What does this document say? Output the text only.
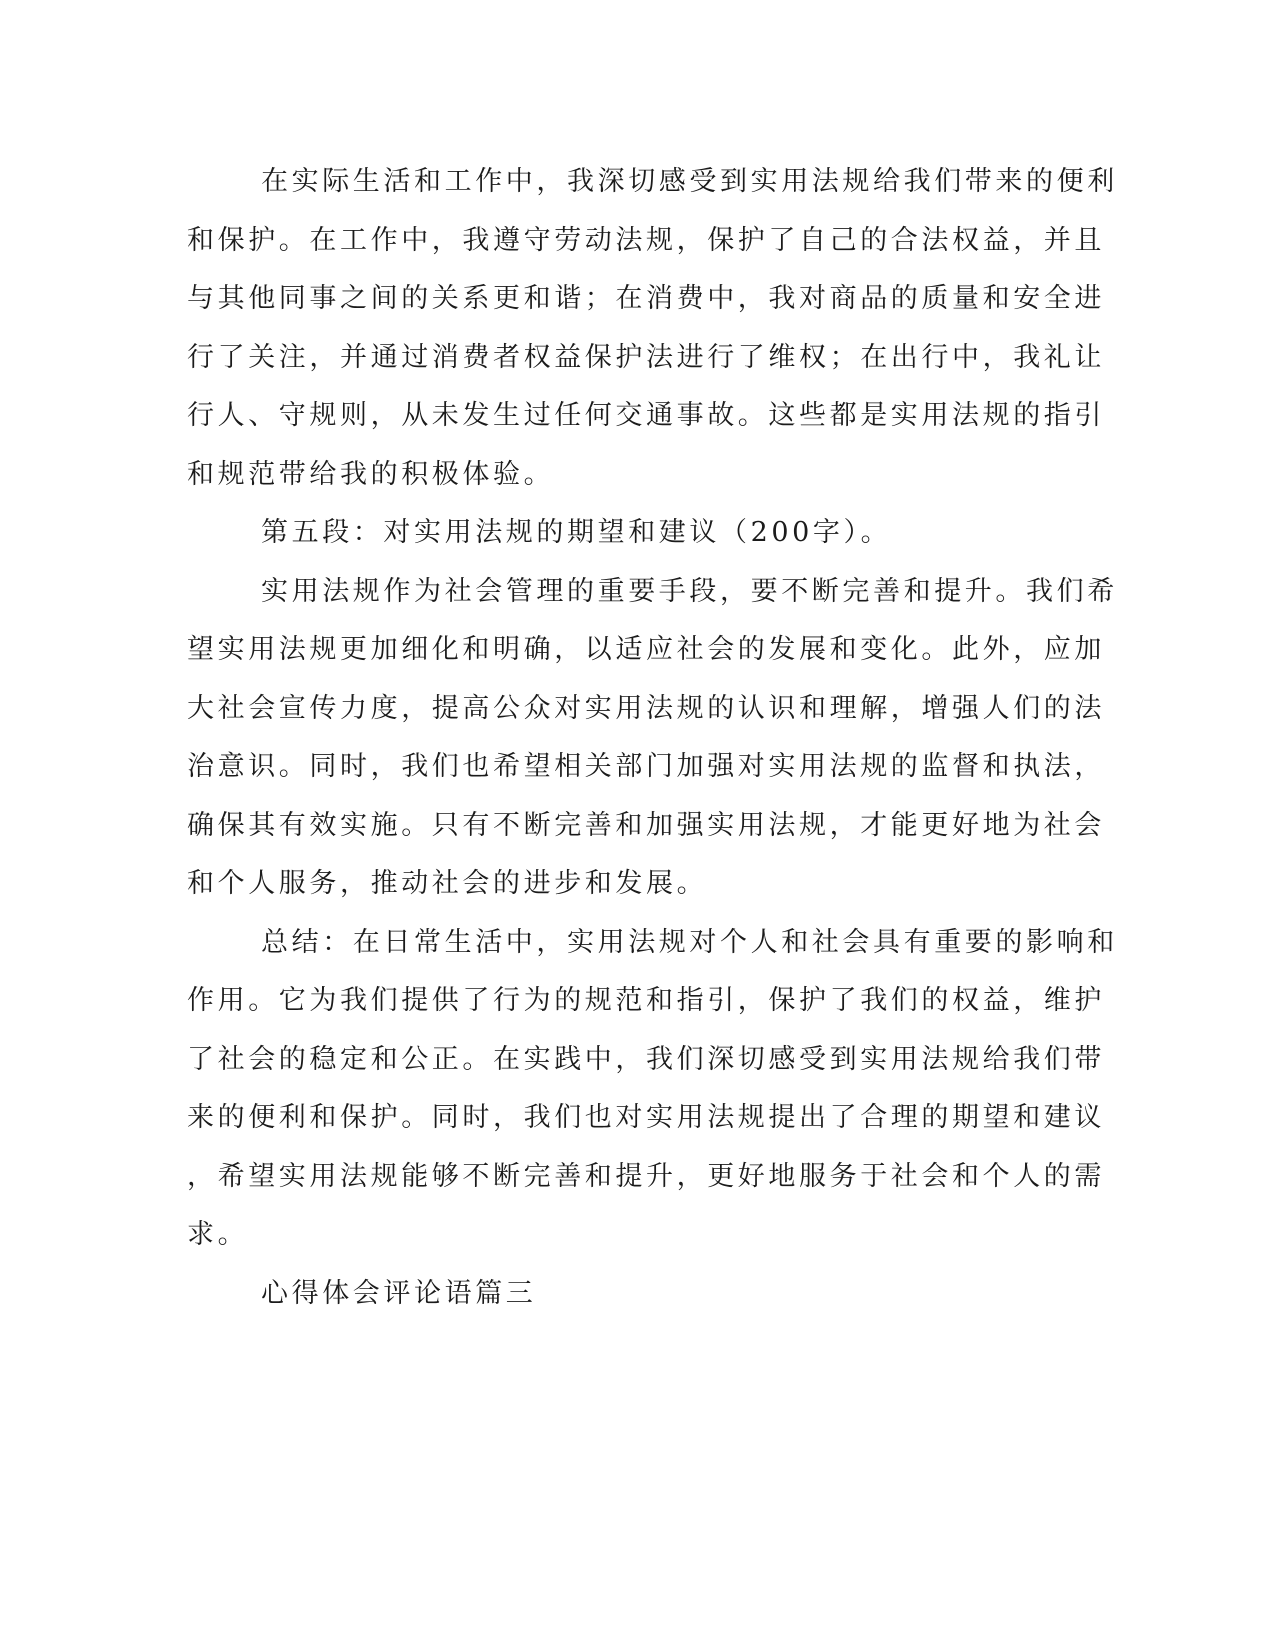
在实际生活和工作中，我深切感受到实用法规给我们带来的便利
和保护。在工作中，我遵守劳动法规，保护了自己的合法权益，并且
与其他同事之间的关系更和谐；在消费中，我对商品的质量和安全进
行了关注，并通过消费者权益保护法进行了维权；在出行中，我礼让
行人、守规则，从未发生过任何交通事故。这些都是实用法规的指引
和规范带给我的积极体验。
第五段：对实用法规的期望和建议（200字）。
实用法规作为社会管理的重要手段，要不断完善和提升。我们希
望实用法规更加细化和明确，以适应社会的发展和变化。此外，应加
大社会宣传力度，提高公众对实用法规的认识和理解，增强人们的法
治意识。同时，我们也希望相关部门加强对实用法规的监督和执法，
确保其有效实施。只有不断完善和加强实用法规，才能更好地为社会
和个人服务，推动社会的进步和发展。
总结：在日常生活中，实用法规对个人和社会具有重要的影响和
作用。它为我们提供了行为的规范和指引，保护了我们的权益，维护
了社会的稳定和公正。在实践中，我们深切感受到实用法规给我们带
来的便利和保护。同时，我们也对实用法规提出了合理的期望和建议
，希望实用法规能够不断完善和提升，更好地服务于社会和个人的需
求。
心得体会评论语篇三
